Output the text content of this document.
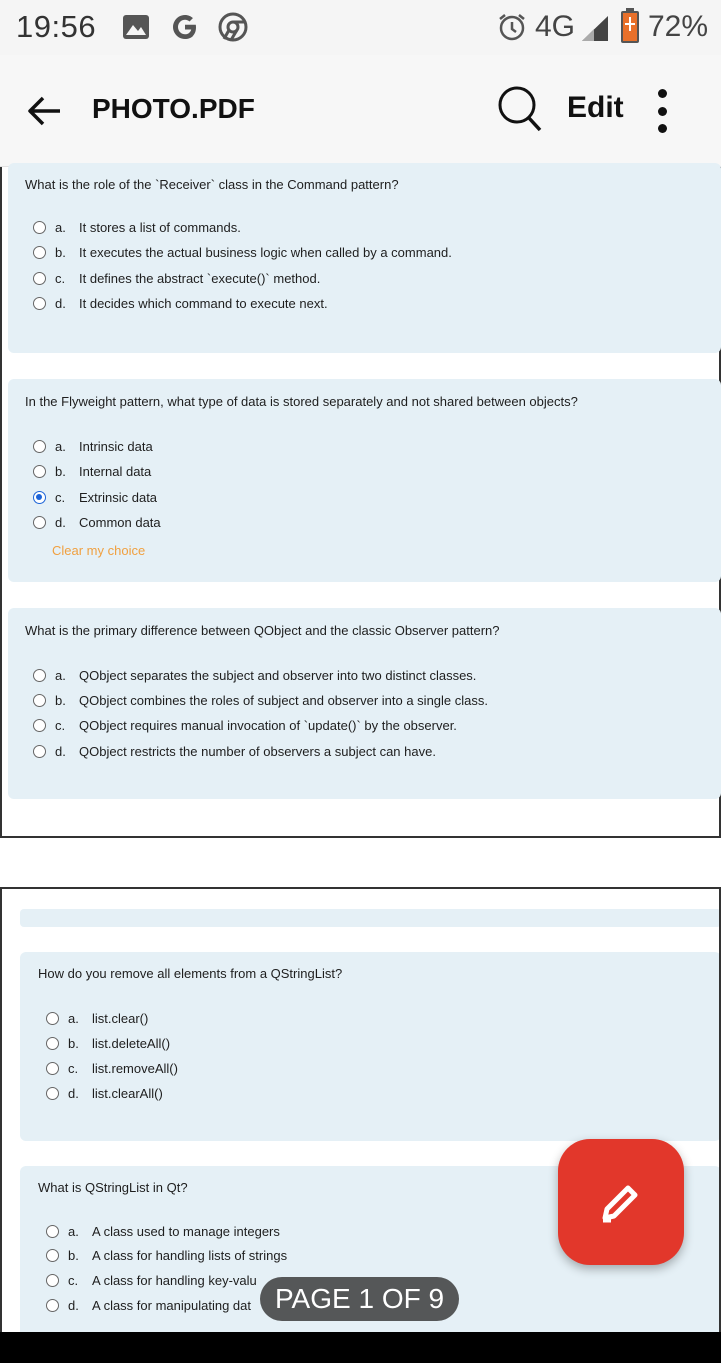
19:56	4G 72%
PHOTO.PDF	Edit
What is the role of the `Receiver` class in the Command pattern?
a.	It stores a list of commands.
b.	It executes the actual business logic when called by a command.
c.	It defines the abstract `execute()` method.
d.	It decides which command to execute next.
In the Flyweight pattern, what type of data is stored separately and not shared between objects?
a.	Intrinsic data
b.	Internal data
c.	Extrinsic data
d.	Common data
Clear my choice
What is the primary difference between QObject and the classic Observer pattern?
a.	QObject separates the subject and observer into two distinct classes.
b.	QObject combines the roles of subject and observer into a single class.
c.	QObject requires manual invocation of `update()` by the observer.
d.	QObject restricts the number of observers a subject can have.
How do you remove all elements from a QStringList?
a.	list.clear()
b.	list.deleteAll()
c.	list.removeAll()
d.	list.clearAll()
What is QStringList in Qt?
a.	A class used to manage integers
b.	A class for handling lists of strings
c.	A class for handling key-valu
d.	A class for manipulating dat PAGE 1 OF 9
